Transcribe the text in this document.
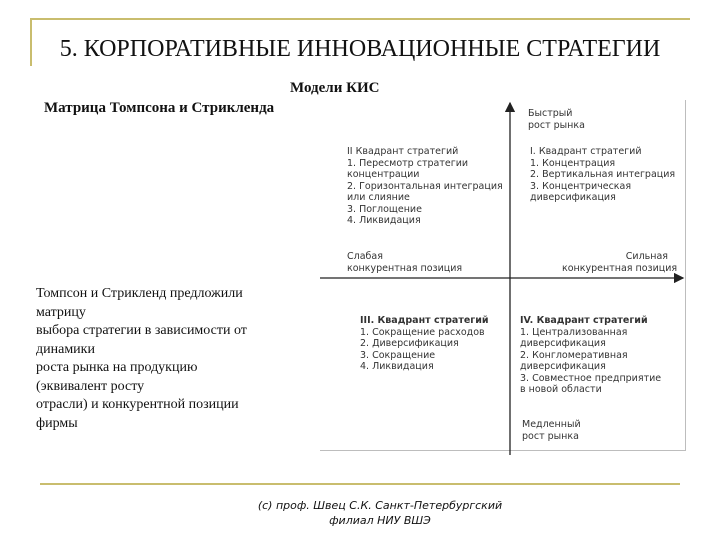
5. КОРПОРАТИВНЫЕ ИННОВАЦИОННЫЕ СТРАТЕГИИ
Модели КИС
Матрица Томпсона и Стрикленда
Томпсон и Стрикленд предложили
матрицу
выбора стратегии в зависимости от
динамики
роста рынка на продукцию
(эквивалент росту
отрасли) и конкурентной позиции
фирмы
Быстрый
рост рынка
II Квадрант стратегий
1. Пересмотр стратегии
концентрации
2. Горизонтальная интеграция
или слияние
3. Поглощение
4. Ликвидация
I. Квадрант стратегий
1. Концентрация
2. Вертикальная интеграция
3. Концентрическая
диверсификация
Слабая
конкурентная позиция
Сильная
конкурентная позиция
III. Квадрант стратегий
1. Сокращение расходов
2. Диверсификация
3. Сокращение
4. Ликвидация
IV. Квадрант стратегий
1. Централизованная
диверсификация
2. Конгломеративная
диверсификация
3. Совместное предприятие
в новой области
Медленный
рост рынка
(с) проф. Швец С.К. Санкт-Петербургский
филиал НИУ ВШЭ
